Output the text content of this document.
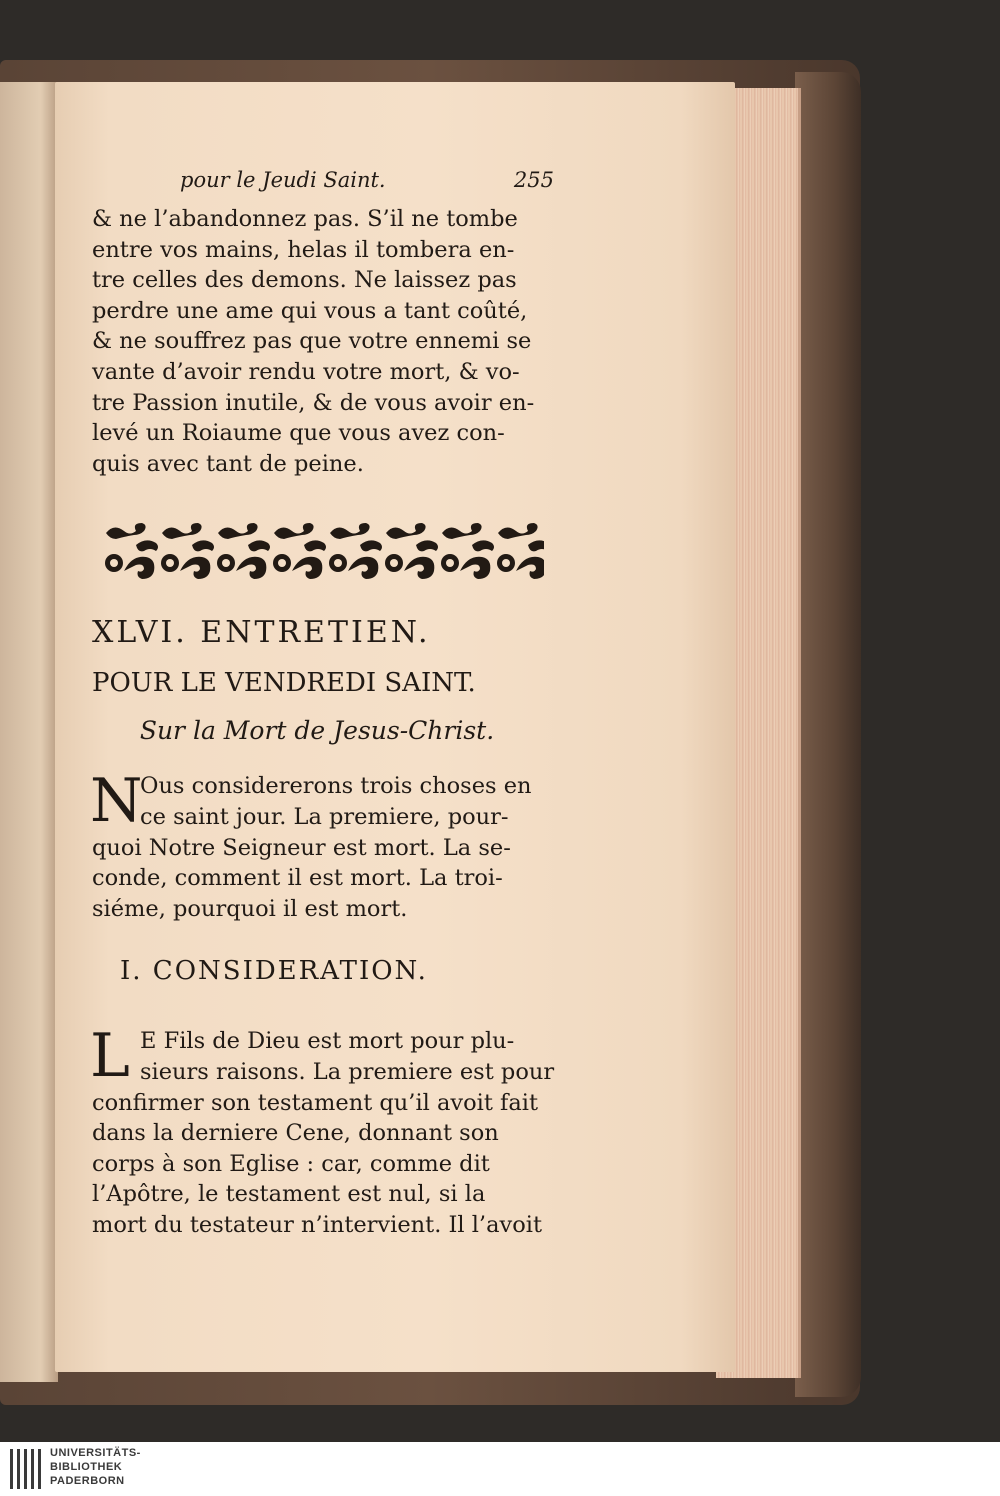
pour le Jeudi Saint.	255

& ne l’abandonnez pas. S’il ne tombe
entre vos mains, helas il tombera en-
tre celles des demons. Ne laissez pas
perdre une ame qui vous a tant coûté,
& ne souffrez pas que votre ennemi se
vante d’avoir rendu votre mort, & vo-
tre Passion inutile, & de vous avoir en-
levé un Roiaume que vous avez con-
quis avec tant de peine.

XLVI. ENTRETIEN.
POUR LE VENDREDI SAINT.
Sur la Mort de Jesus-Christ.
N
Ous considererons trois choses en
ce saint jour. La premiere, pour-
quoi Notre Seigneur est mort. La se-
conde, comment il est mort. La troi-
siéme, pourquoi il est mort.
I. CONSIDERATION.
L E Fils de Dieu est mort pour plu-
sieurs raisons. La premiere est pour
confirmer son testament qu’il avoit fait
dans la derniere Cene, donnant son
corps à son Eglise : car, comme dit
l’Apôtre, le testament est nul, si la
mort du testateur n’intervient. Il l’avoit
UNIVERSITÄTS-
BIBLIOTHEK
PADERBORN
